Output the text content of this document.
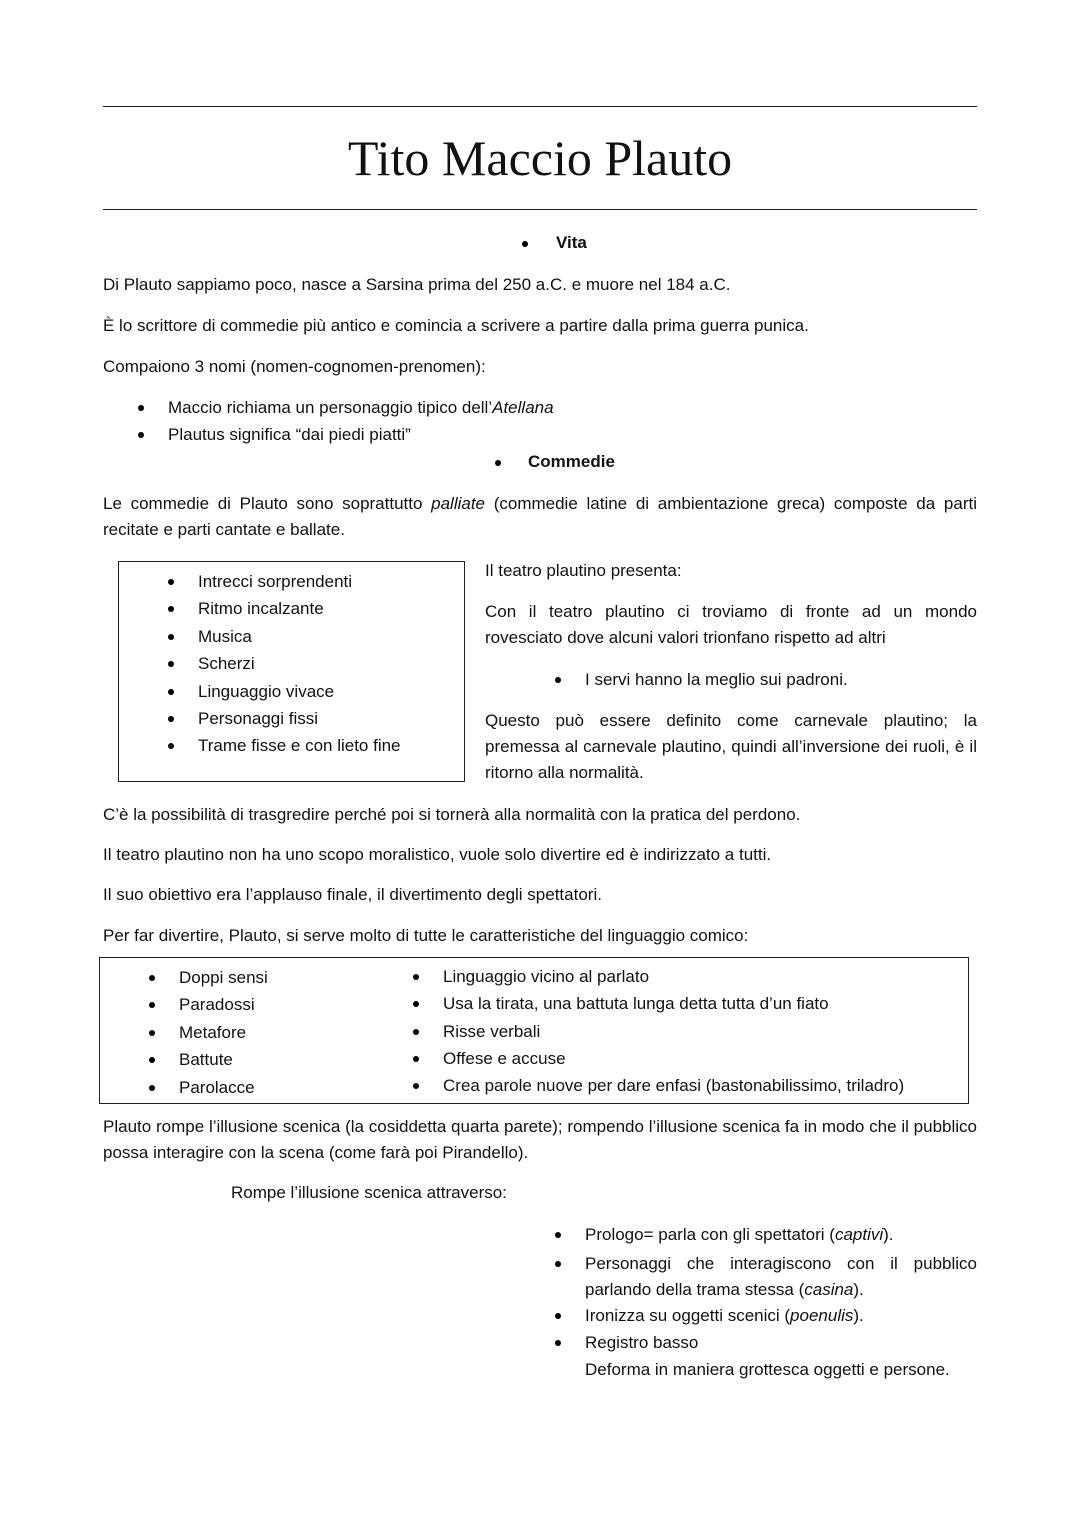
Tito Maccio Plauto
Vita
Di Plauto sappiamo poco, nasce a Sarsina prima del 250 a.C. e muore nel 184 a.C.
È lo scrittore di commedie più antico e comincia a scrivere a partire dalla prima guerra punica.
Compaiono 3 nomi (nomen-cognomen-prenomen):
Maccio richiama un personaggio tipico dell’Atellana
Plautus significa “dai piedi piatti”
Commedie
Le commedie di Plauto sono soprattutto palliate (commedie latine di ambientazione greca) composte da parti recitate e parti cantate e ballate.
Intrecci sorprendenti
Ritmo incalzante
Musica
Scherzi
Linguaggio vivace
Personaggi fissi
Trame fisse e con lieto fine
Il teatro plautino presenta:
Con il teatro plautino ci troviamo di fronte ad un mondo rovesciato dove alcuni valori trionfano rispetto ad altri
I servi hanno la meglio sui padroni.
Questo può essere definito come carnevale plautino; la premessa al carnevale plautino, quindi all’inversione dei ruoli, è il ritorno alla normalità.
C’è la possibilità di trasgredire perché poi si tornerà alla normalità con la pratica del perdono.
Il teatro plautino non ha uno scopo moralistico, vuole solo divertire ed è indirizzato a tutti.
Il suo obiettivo era l’applauso finale, il divertimento degli spettatori.
Per far divertire, Plauto, si serve molto di tutte le caratteristiche del linguaggio comico:
Doppi sensi
Paradossi
Metafore
Battute
Parolacce
Linguaggio vicino al parlato
Usa la tirata, una battuta lunga detta tutta d’un fiato
Risse verbali
Offese e accuse
Crea parole nuove per dare enfasi (bastonabilissimo, triladro)
Plauto rompe l’illusione scenica (la cosiddetta quarta parete); rompendo l’illusione scenica fa in modo che il pubblico possa interagire con la scena (come farà poi Pirandello).
Rompe l’illusione scenica attraverso:
Prologo= parla con gli spettatori (captivi).
Personaggi che interagiscono con il pubblico parlando della trama stessa (casina).
Ironizza su oggetti scenici (poenulis).
Registro basso
Deforma in maniera grottesca oggetti e persone.
